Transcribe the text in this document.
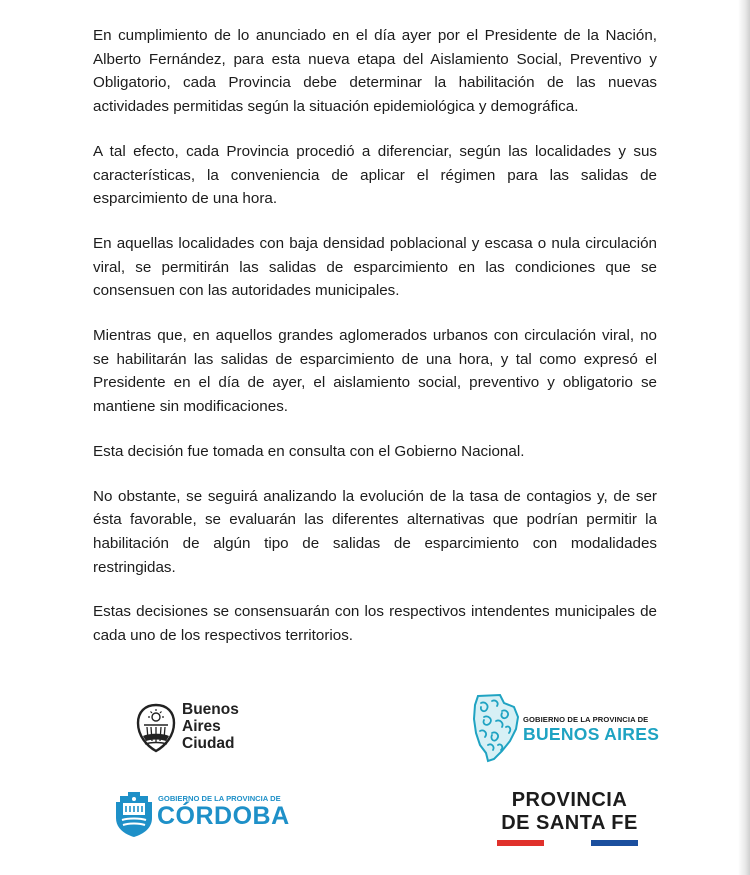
En cumplimiento de lo anunciado en el día ayer por el Presidente de la Nación, Alberto Fernández, para esta nueva etapa del Aislamiento Social, Preventivo y Obligatorio, cada Provincia debe determinar la habilitación de las nuevas actividades permitidas según la situación epidemiológica y demográfica.

A tal efecto, cada Provincia procedió a diferenciar, según las localidades y sus características, la conveniencia de aplicar el régimen para las salidas de esparcimiento de una hora.

En aquellas localidades con baja densidad poblacional y escasa o nula circulación viral, se permitirán las salidas de esparcimiento en las condiciones que se consensuen con las autoridades municipales.

Mientras que, en aquellos grandes aglomerados urbanos con circulación viral, no se habilitarán las salidas de esparcimiento de una hora, y tal como expresó el Presidente en el día de ayer, el aislamiento social, preventivo y obligatorio se mantiene sin modificaciones.

Esta decisión fue tomada en consulta con el Gobierno Nacional.

No obstante, se seguirá analizando la evolución de la tasa de contagios y, de ser ésta favorable, se evaluarán las diferentes alternativas que podrían permitir la habilitación de algún tipo de salidas de esparcimiento con modalidades restringidas.

Estas decisiones se consensuarán con los respectivos intendentes municipales de cada uno de los respectivos territorios.

Buenos
Aires
Ciudad
GOBIERNO DE LA PROVINCIA DE
BUENOS AIRES
GOBIERNO DE LA PROVINCIA DE
CÓRDOBA
PROVINCIA
DE SANTA FE
